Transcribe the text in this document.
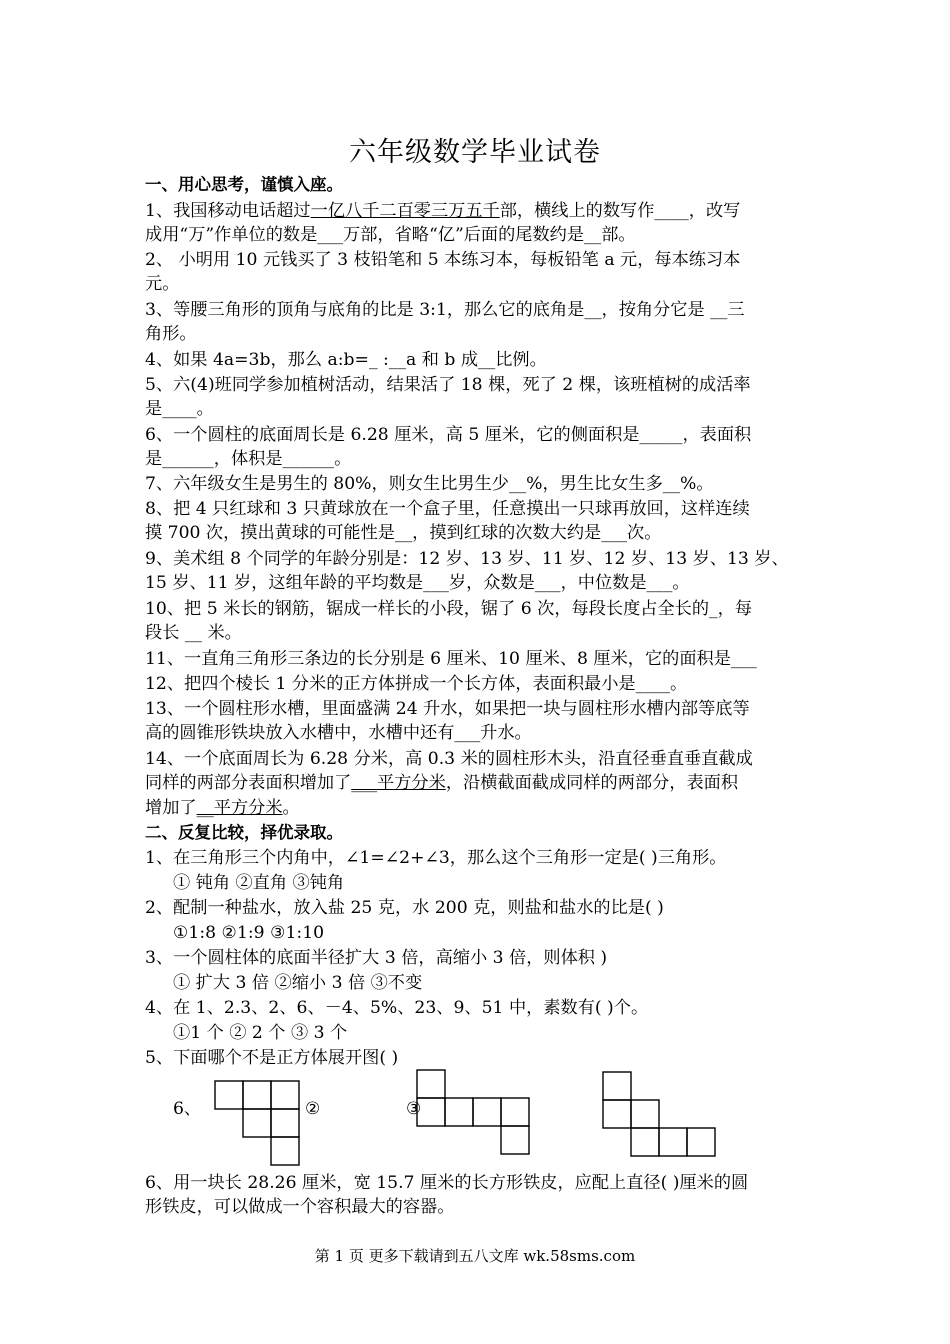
六年级数学毕业试卷
一、用心思考，谨慎入座。
1、我国移动电话超过一亿八千二百零三万五千部，横线上的数写作____，改写
成用“万”作单位的数是___万部，省略“亿”后面的尾数约是__部。
2、 小明用 10 元钱买了 3 枝铅笔和 5 本练习本，每板铅笔 a 元，每本练习本
元。
3、等腰三角形的顶角与底角的比是 3:1，那么它的底角是__，按角分它是 __三
角形。
4、如果 4a=3b，那么 a:b=_ :__a 和 b 成__比例。
5、六(4)班同学参加植树活动，结果活了 18 棵，死了 2 棵，该班植树的成活率
是____。
6、一个圆柱的底面周长是 6.28 厘米，高 5 厘米，它的侧面积是_____，表面积
是______，体积是______。
7、六年级女生是男生的 80%，则女生比男生少__%，男生比女生多__%。
8、把 4 只红球和 3 只黄球放在一个盒子里，任意摸出一只球再放回，这样连续
摸 700 次，摸出黄球的可能性是__，摸到红球的次数大约是___次。
9、美术组 8 个同学的年龄分别是：12 岁、13 岁、11 岁、12 岁、13 岁、13 岁、
15 岁、11 岁，这组年龄的平均数是___岁，众数是___，中位数是___。
10、把 5 米长的钢筋，锯成一样长的小段，锯了 6 次，每段长度占全长的_，每
段长 __ 米。
11、一直角三角形三条边的长分别是 6 厘米、10 厘米、8 厘米，它的面积是___
12、把四个棱长 1 分米的正方体拼成一个长方体，表面积最小是____。
13、一个圆柱形水槽，里面盛满 24 升水，如果把一块与圆柱形水槽内部等底等
高的圆锥形铁块放入水槽中，水槽中还有___升水。
14、一个底面周长为 6.28 分米，高 0.3 米的圆柱形木头，沿直径垂直垂直截成
同样的两部分表面积增加了___平方分米，沿横截面截成同样的两部分，表面积
增加了__平方分米。
二、反复比较，择优录取。
1、在三角形三个内角中，∠1=∠2+∠3，那么这个三角形一定是( )三角形。
① 钝角 ②直角 ③钝角
2、配制一种盐水，放入盐 25 克，水 200 克，则盐和盐水的比是( )
①1:8 ②1:9 ③1:10
3、一个圆柱体的底面半径扩大 3 倍，高缩小 3 倍，则体积 )
① 扩大 3 倍 ②缩小 3 倍 ③不变
4、在 1、2.3、2、6、－4、5%、23、9、51 中，素数有( )个。
①1 个 ② 2 个 ③ 3 个
5、下面哪个不是正方体展开图( )
6、	②	③
6、用一块长 28.26 厘米，宽 15.7 厘米的长方形铁皮，应配上直径( )厘米的圆
形铁皮，可以做成一个容积最大的容器。
第 1 页 更多下载请到五八文库 wk.58sms.com
